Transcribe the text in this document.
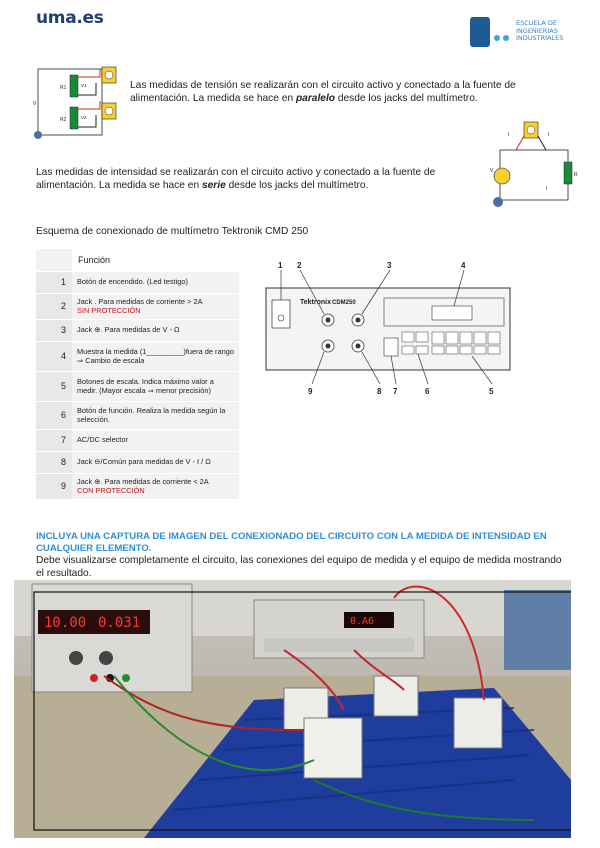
uma.es	ESCUELA DE
INGENIERÍAS
INDUSTRIALES
R1
R2
V1
V2
V
Las medidas de tensión se realizarán con el circuito activo y conectado a la fuente de alimentación. La medida se hace en paralelo desde los jacks del multímetro.
R
I	I
I
V
Las medidas de intensidad se realizarán con el circuito activo y conectado a la fuente de alimentación. La medida se hace en serie desde los jacks del multímetro.
Esquema de conexionado de multímetro Tektronik CMD 250
	Función
1	Botón de encendido. (Led testigo)
2	Jack . Para medidas de corriente > 2A
SIN PROTECCIÓN

3	Jack ⊕. Para medidas de V - Ω
4	Muestra la medida (1_________)fuera de rango ⇒ Cambio de escala
5	Botones de escala. Indica máximo valor a medir. (Mayor escala ⇒ menor precisión)
6	Botón de función. Realiza la medida según la selección.
7	AC/DC selector
8	Jack ⊖/Común para medidas de V - I / Ω
9	Jack ⊕. Para medidas de corriente < 2A
CON PROTECCIÓN
Tektronix CDM250
1 2	3	4
9	8 7	6	5
INCLUYA UNA CAPTURA DE IMAGEN DEL CONEXIONADO DEL CIRCUITO CON LA MEDIDA DE INTENSIDAD EN CUALQUIER ELEMENTO.
Debe visualizarse completamente el circuito, las conexiones del equipo de medida y el equipo de medida mostrando el resultado.
10.00 0.031	0.A6
